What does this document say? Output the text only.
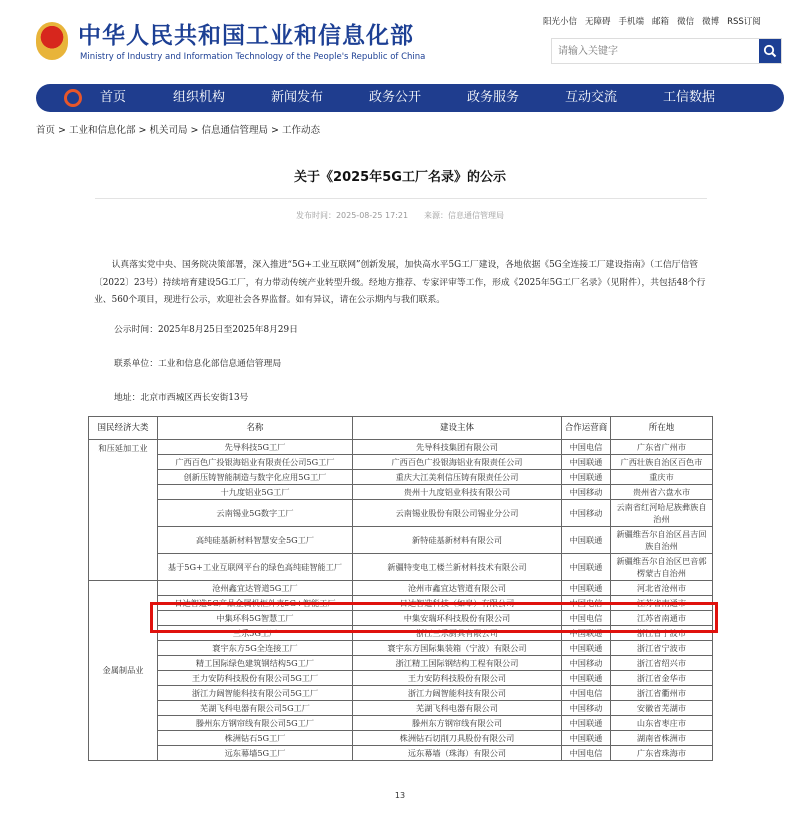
中华人民共和国工业和信息化部
Ministry of Industry and Information Technology of the People's Republic of China
阳光小信 无障碍 手机端 邮箱 微信 微博 RSS订阅
请输入关键字
首页	组织机构	新闻发布	政务公开	政务服务	互动交流	工信数据
首页 > 工业和信息化部 > 机关司局 > 信息通信管理局 > 工作动态
关于《2025年5G工厂名录》的公示
发布时间：2025-08-25 17:21　　来源：信息通信管理局
认真落实党中央、国务院决策部署，深入推进“5G+工业互联网”创新发展，加快高水平5G工厂建设，各地依据《5G全连接工厂建设指南》（工信厅信管〔2022〕23号）持续培育建设5G工厂，有力带动传统产业转型升级。经地方推荐、专家评审等工作，形成《2025年5G工厂名录》（见附件），共包括48个行业、560个项目，现进行公示，欢迎社会各界监督。如有异议，请在公示期内与我们联系。
公示时间：2025年8月25日至2025年8月29日
联系单位：工业和信息化部信息通信管理局
地址：北京市西城区西长安街13号
国民经济大类	名称	建设主体	合作运营商	所在地
和压延加工业	先导科技5G工厂	先导科技集团有限公司	中国电信	广东省广州市
	广西百色广投银海铝业有限责任公司5G工厂	广西百色广投银海铝业有限责任公司	中国联通	广西壮族自治区百色市
	创新压铸智能制造与数字化应用5G工厂	重庆大江美利信压铸有限责任公司	中国联通	重庆市
	十九度铝业5G工厂	贵州十九度铝业科技有限公司	中国移动	贵州省六盘水市
	云南锡业5G数字工厂	云南锡业股份有限公司锡业分公司	中国移动	云南省红河哈尼族彝族自治州
	高纯硅基新材料智慧安全5G工厂	新特硅基新材料有限公司	中国联通	新疆维吾尔自治区昌吉回族自治州
	基于5G+工业互联网平台的绿色高纯硅智能工厂	新疆特变电工楼兰新材料技术有限公司	中国联通	新疆维吾尔自治区巴音郭楞蒙古自治州
金属制品业	沧州鑫宜达管道5G工厂	沧州市鑫宜达管道有限公司	中国联通	河北省沧州市
	日达智造5G产品金属机柜外壳5G+智能工厂	日达智造科技（如皋）有限公司	中国电信	江苏省南通市
	中集环科5G智慧工厂	中集安瑞环科技股份有限公司	中国电信	江苏省南通市
	三乐5G工厂	浙江三乐厨具有限公司	中国联通	浙江省宁波市
	寰宇东方5G全连接工厂	寰宇东方国际集装箱（宁波）有限公司	中国联通	浙江省宁波市
	精工国际绿色建筑钢结构5G工厂	浙江精工国际钢结构工程有限公司	中国移动	浙江省绍兴市
	王力安防科技股份有限公司5G工厂	王力安防科技股份有限公司	中国联通	浙江省金华市
	浙江力阔智能科技有限公司5G工厂	浙江力阔智能科技有限公司	中国电信	浙江省衢州市
	芜湖飞科电器有限公司5G工厂	芜湖飞科电器有限公司	中国移动	安徽省芜湖市
	滕州东方钢帘线有限公司5G工厂	滕州东方钢帘线有限公司	中国联通	山东省枣庄市
	株洲钻石5G工厂	株洲钻石切削刀具股份有限公司	中国联通	湖南省株洲市
	远东幕墙5G工厂	远东幕墙（珠海）有限公司	中国电信	广东省珠海市
13
